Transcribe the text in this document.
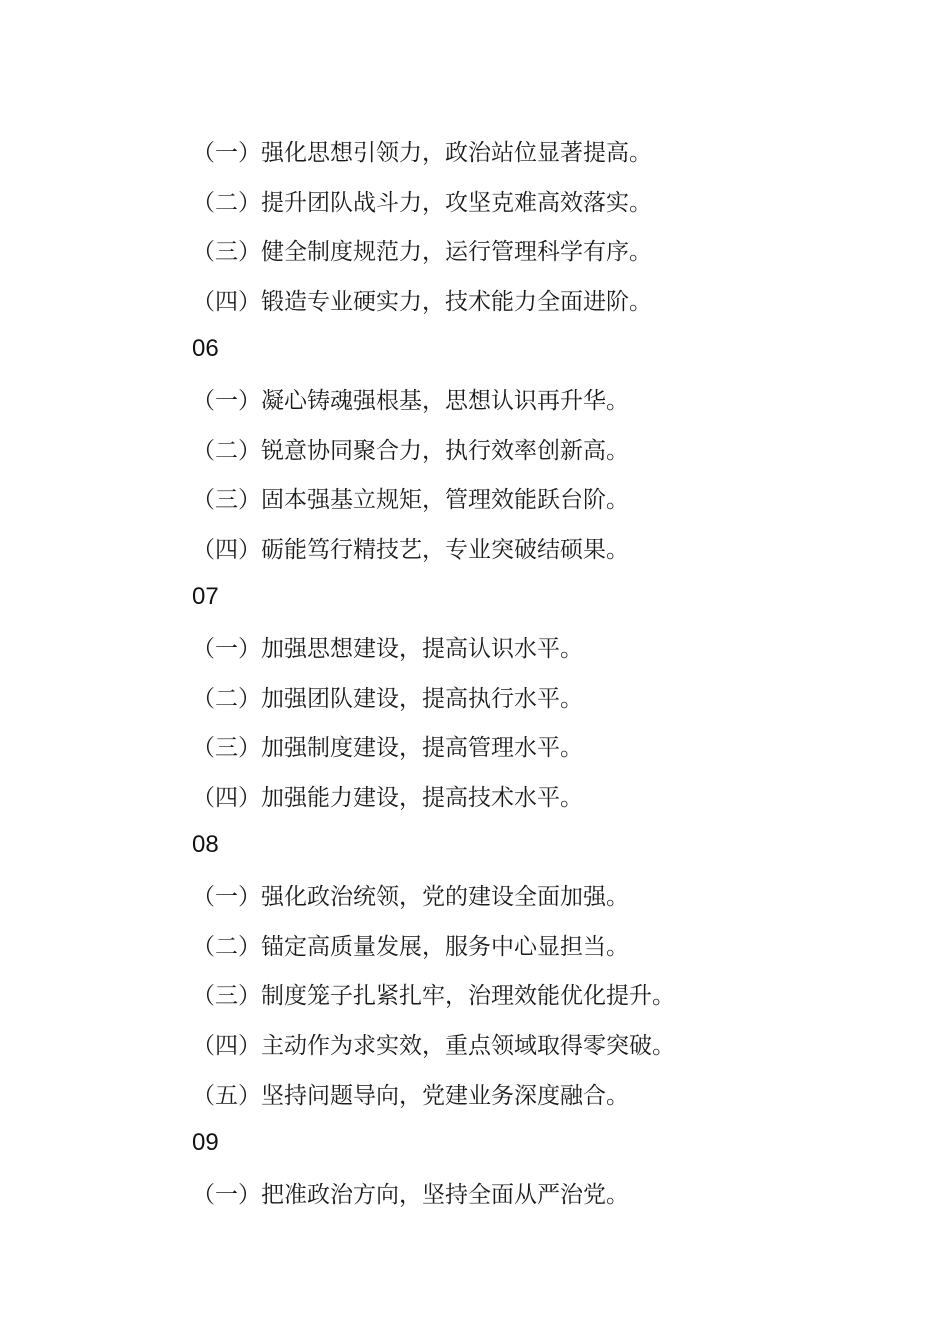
（一）强化思想引领力，政治站位显著提高。
（二）提升团队战斗力，攻坚克难高效落实。
（三）健全制度规范力，运行管理科学有序。
（四）锻造专业硬实力，技术能力全面进阶。
06
（一）凝心铸魂强根基，思想认识再升华。
（二）锐意协同聚合力，执行效率创新高。
（三）固本强基立规矩，管理效能跃台阶。
（四）砺能笃行精技艺，专业突破结硕果。
07
（一）加强思想建设，提高认识水平。
（二）加强团队建设，提高执行水平。
（三）加强制度建设，提高管理水平。
（四）加强能力建设，提高技术水平。
08
（一）强化政治统领，党的建设全面加强。
（二）锚定高质量发展，服务中心显担当。
（三）制度笼子扎紧扎牢，治理效能优化提升。
（四）主动作为求实效，重点领域取得零突破。
（五）坚持问题导向，党建业务深度融合。
09
（一）把准政治方向，坚持全面从严治党。
